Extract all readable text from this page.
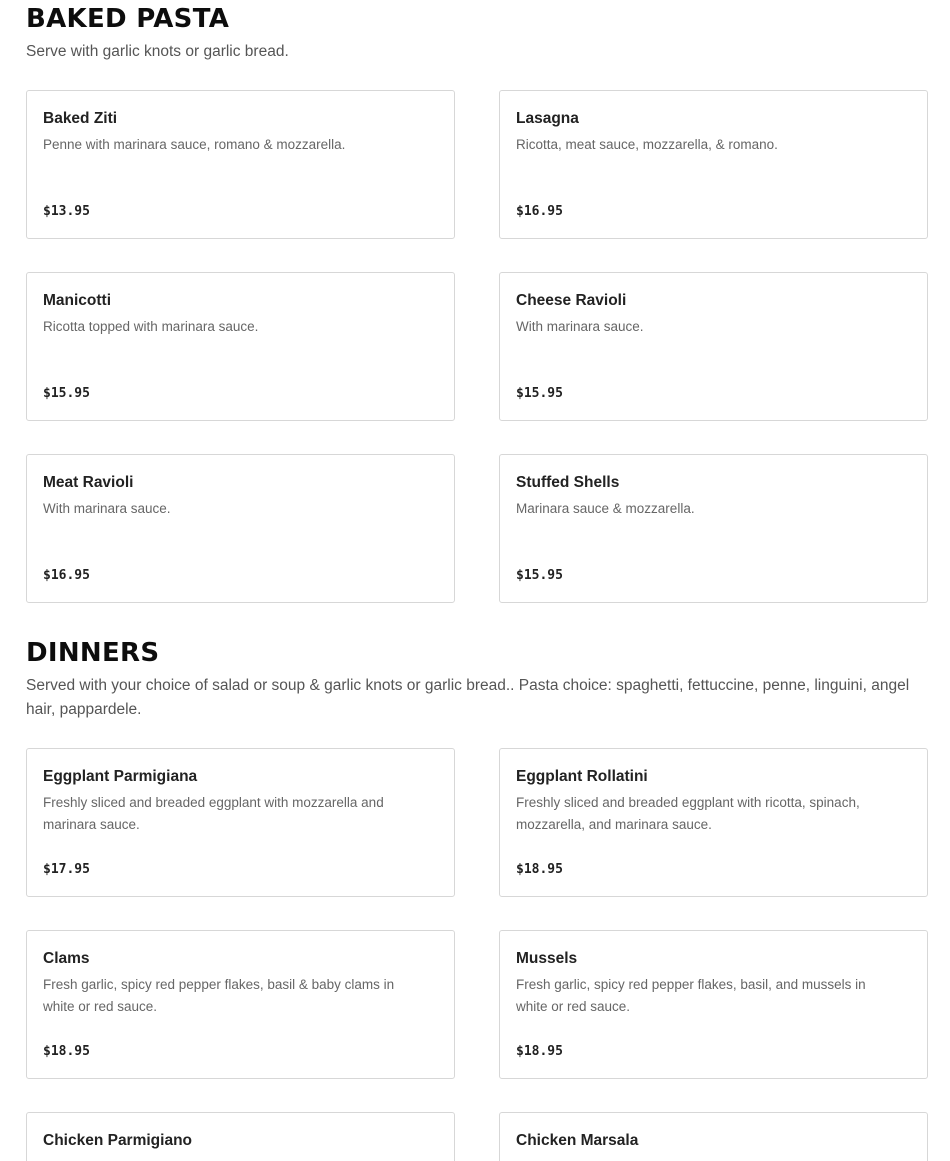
BAKED PASTA

Serve with garlic knots or garlic bread.

Baked Ziti
Penne with marinara sauce, romano & mozzarella.
$13.95
Lasagna
Ricotta, meat sauce, mozzarella, & romano.
$16.95
Manicotti
Ricotta topped with marinara sauce.
$15.95
Cheese Ravioli
With marinara sauce.
$15.95
Meat Ravioli
With marinara sauce.
$16.95
Stuffed Shells
Marinara sauce & mozzarella.
$15.95
DINNERS

Served with your choice of salad or soup & garlic knots or garlic bread.. Pasta choice: spaghetti, fettuccine, penne, linguini, angel hair, pappardele.

Eggplant Parmigiana
Freshly sliced and breaded eggplant with mozzarella and marinara sauce.
$17.95
Eggplant Rollatini
Freshly sliced and breaded eggplant with ricotta, spinach, mozzarella, and marinara sauce.
$18.95
Clams
Fresh garlic, spicy red pepper flakes, basil & baby clams in white or red sauce.
$18.95
Mussels
Fresh garlic, spicy red pepper flakes, basil, and mussels in white or red sauce.
$18.95
Chicken Parmigiano	Chicken Marsala
